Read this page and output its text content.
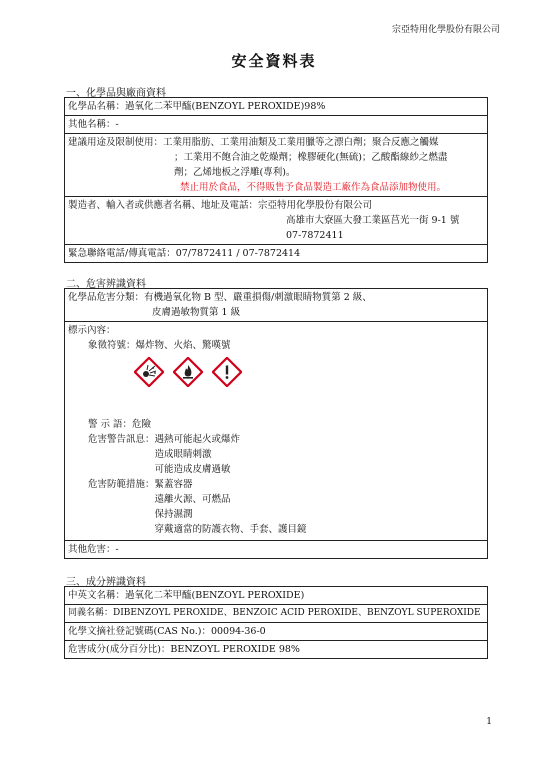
宗亞特用化學股份有限公司
安全資料表
一、化學品與廠商資料
化學品名稱：過氧化二苯甲醯(BENZOYL PEROXIDE)98%
其他名稱：-
建議用途及限制使用：工業用脂肪、工業用油類及工業用臘等之漂白劑；聚合反應之觸媒
；工業用不飽合油之乾燥劑；橡膠硬化(無硫)；乙酸酯線紗之燃盡
劑；乙烯地板之浮雕(專利)。
禁止用於食品，不得販售予食品製造工廠作為食品添加物使用。
製造者、輸入者或供應者名稱、地址及電話：宗亞特用化學股份有限公司
高雄市大寮區大發工業區莒光一街 9-1 號
07-7872411
緊急聯絡電話/傳真電話：07/7872411 / 07-7872414
二、危害辨識資料
化學品危害分類：有機過氧化物 B 型、嚴重損傷/刺激眼睛物質第 2 級、
皮膚過敏物質第 1 級
標示內容：
象徵符號：爆炸物、火焰、驚嘆號

警 示 語：危險
危害警告訊息： 遇熱可能起火或爆炸
造成眼睛刺激
可能造成皮膚過敏
危害防範措施： 緊蓋容器
遠離火源、可燃品
保持濕潤
穿戴適當的防護衣物、手套、護目鏡
其他危害：-
三、成分辨識資料
中英文名稱：過氧化二苯甲醯(BENZOYL PEROXIDE)
同義名稱：DIBENZOYL PEROXIDE、BENZOIC ACID PEROXIDE、BENZOYL SUPEROXIDE
化學文摘社登記號碼(CAS No.)：00094-36-0
危害成分(成分百分比)：BENZOYL PEROXIDE 98%
1
